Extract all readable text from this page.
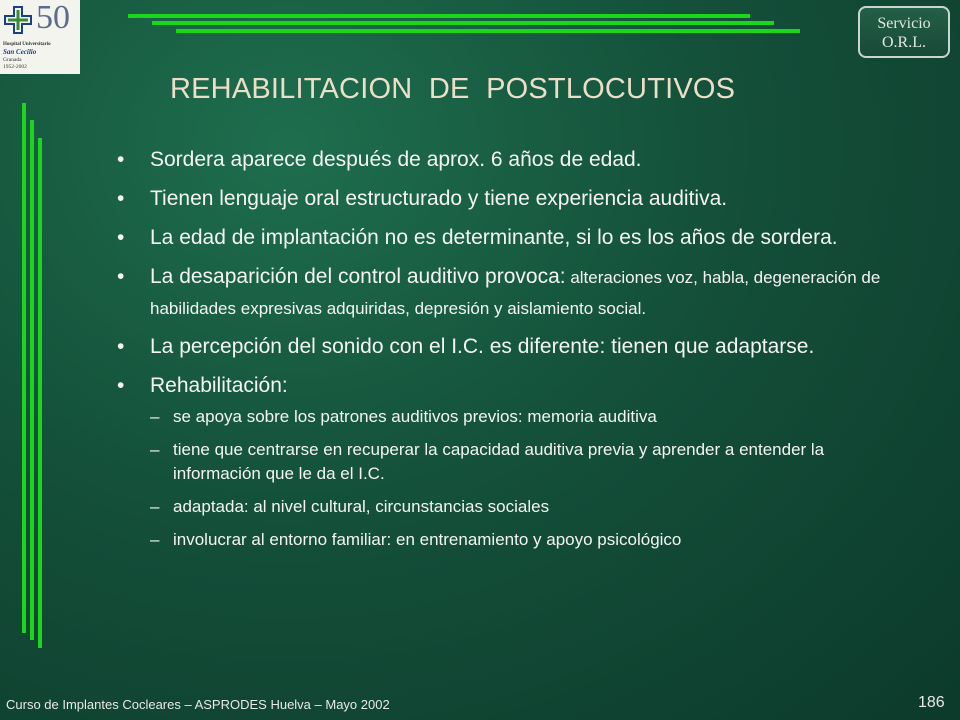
50
Hospital Universitario
San Cecilio
Granada
1952-2002
Servicio
O.R.L.
REHABILITACION  DE  POSTLOCUTIVOS
• Sordera aparece después de aprox. 6 años de edad.
• Tienen lenguaje oral estructurado y tiene experiencia auditiva.
• La edad de implantación no es determinante, si lo es los años de sordera.
• La desaparición del control auditivo provoca: alteraciones voz, habla, degeneración de habilidades expresivas adquiridas, depresión y aislamiento social.
• La percepción del sonido con el I.C. es diferente: tienen que adaptarse.
• Rehabilitación:
– se apoya sobre los patrones auditivos previos: memoria auditiva
– tiene que centrarse en recuperar la capacidad auditiva previa y aprender a entender la información que le da el I.C.
– adaptada: al nivel cultural, circunstancias sociales
– involucrar al entorno familiar: en entrenamiento y apoyo psicológico
Curso de Implantes Cocleares – ASPRODES Huelva – Mayo 2002	186
